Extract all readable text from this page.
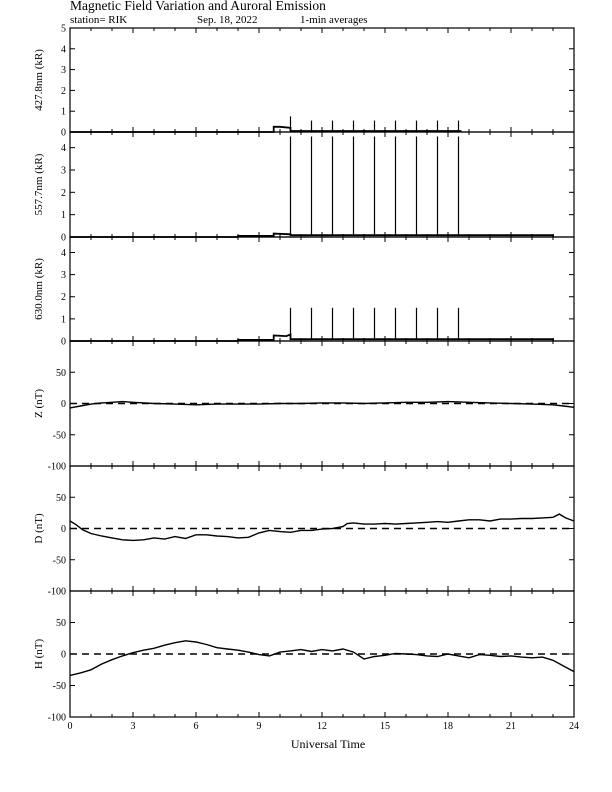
Magnetic Field Variation and Auroral Emission
station= RIK	Sep. 18, 2022	1-min averages
0
1
2
3
4
5
427.8nm (kR)
0
1
2
3
4
557.7nm (kR)
0
1
2
3
4
630.0nm (kR)
-100
-50
0
50
Z (nT)
-100
-50
0
50
D (nT)
-100
-50
0
50
H (nT)
0	3	6	9	12	15	18	21	24
Universal Time
